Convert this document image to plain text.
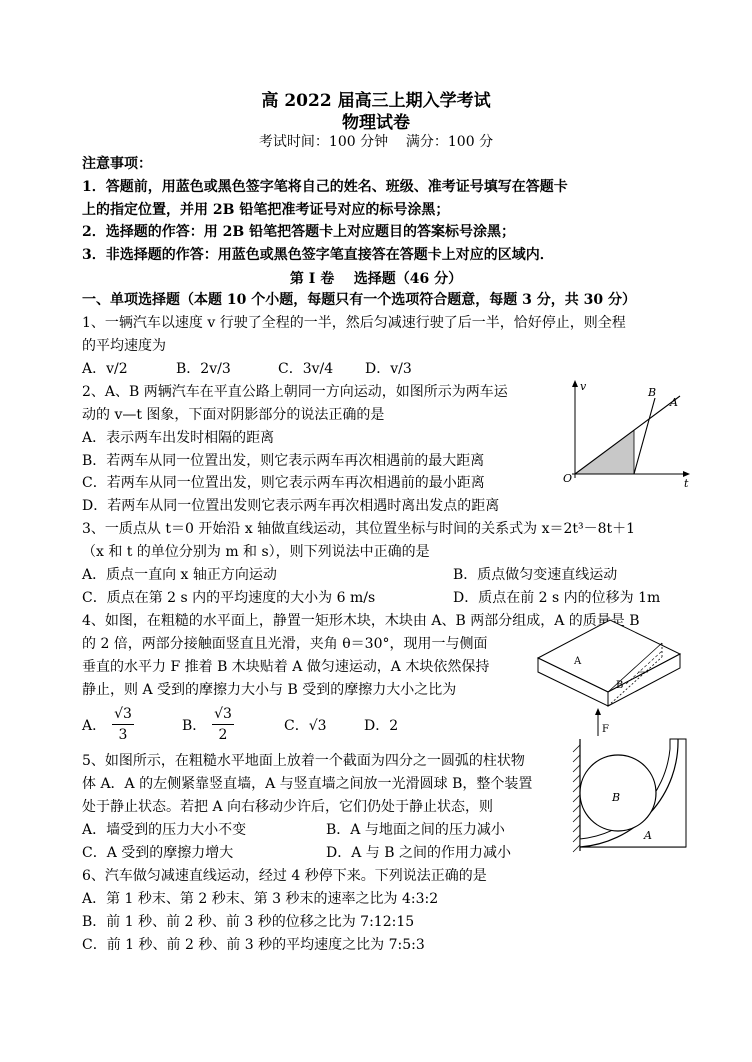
高 2022 届高三上期入学考试
物理试卷
考试时间：100 分钟    满分：100 分
注意事项：
1．答题前，用蓝色或黑色签字笔将自己的姓名、班级、准考证号填写在答题卡
上的指定位置，并用 2B 铅笔把准考证号对应的标号涂黑；
2．选择题的作答：用 2B 铅笔把答题卡上对应题目的答案标号涂黑；
3．非选择题的作答：用蓝色或黑色签字笔直接答在答题卡上对应的区域内．
第 I 卷    选择题（46 分）
一、单项选择题（本题 10 个小题，每题只有一个选项符合题意，每题 3 分，共 30 分）
1、一辆汽车以速度 v 行驶了全程的一半，然后匀减速行驶了后一半，恰好停止，则全程
的平均速度为
A．v/2	B．2v/3	C．3v/4 D．v/3
2、A、B 两辆汽车在平直公路上朝同一方向运动，如图所示为两车运
动的 v—t 图象，下面对阴影部分的说法正确的是
A．表示两车出发时相隔的距离
B．若两车从同一位置出发，则它表示两车再次相遇前的最大距离
C．若两车从同一位置出发，则它表示两车再次相遇前的最小距离
D．若两车从同一位置出发则它表示两车再次相遇时离出发点的距离
v
t
O
A
B
3、一质点从 t＝0 开始沿 x 轴做直线运动，其位置坐标与时间的关系式为 x＝2t³－8t＋1
（x 和 t 的单位分别为 m 和 s），则下列说法中正确的是
A．质点一直向 x 轴正方向运动	B．质点做匀变速直线运动
C．质点在第 2 s 内的平均速度的大小为 6 m/s	D．质点在前 2 s 内的位移为 1m
4、如图，在粗糙的水平面上，静置一矩形木块，木块由 A、B 两部分组成，A 的质量是 B
的 2 倍，两部分接触面竖直且光滑，夹角 θ＝30°，现用一与侧面
垂直的水平力 F 推着 B 木块贴着 A 做匀速运动，A 木块依然保持
静止，则 A 受到的摩擦力大小与 B 受到的摩擦力大小之比为
A． $\frac{√3}{3}$	B． $\frac{√3}{2}$	C．√3	D．2
A
B
F
5、如图所示，在粗糙水平地面上放着一个截面为四分之一圆弧的柱状物
体 A．A 的左侧紧靠竖直墙，A 与竖直墙之间放一光滑圆球 B，整个装置
处于静止状态。若把 A 向右移动少许后，它们仍处于静止状态，则
A．墙受到的压力大小不变	B．A 与地面之间的压力减小
C．A 受到的摩擦力增大	D．A 与 B 之间的作用力减小
B
A
6、汽车做匀减速直线运动，经过 4 秒停下来。下列说法正确的是
A．第 1 秒末、第 2 秒末、第 3 秒末的速率之比为 4:3:2
B．前 1 秒、前 2 秒、前 3 秒的位移之比为 7:12:15
C．前 1 秒、前 2 秒、前 3 秒的平均速度之比为 7:5:3
